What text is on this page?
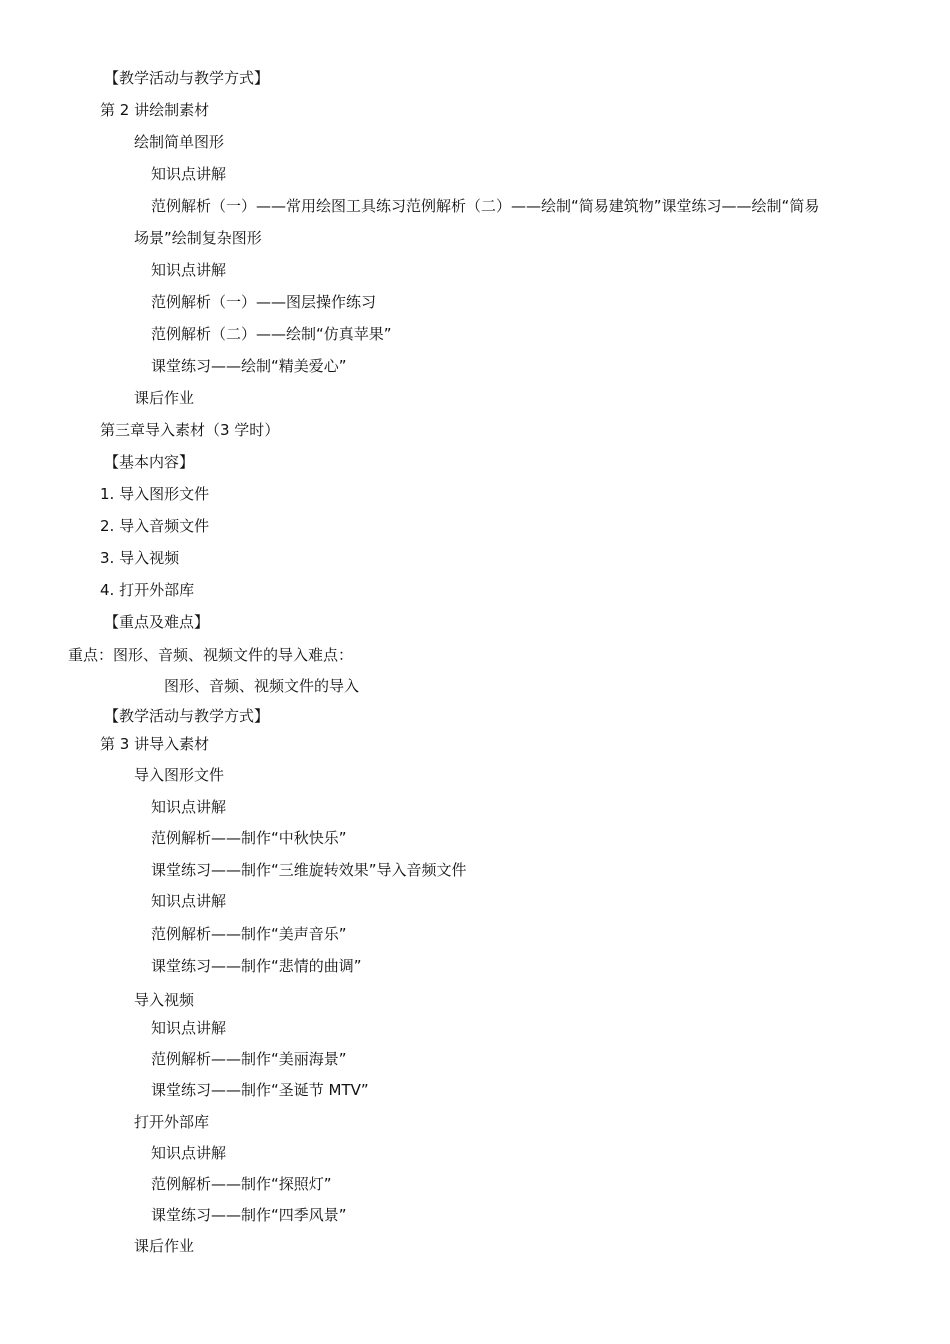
【教学活动与教学方式】
第 2 讲绘制素材
绘制简单图形
知识点讲解
范例解析（一）——常用绘图工具练习范例解析（二）——绘制“简易建筑物”课堂练习——绘制“简易
场景”绘制复杂图形
知识点讲解
范例解析（一）——图层操作练习
范例解析（二）——绘制“仿真苹果”
课堂练习——绘制“精美爱心”
课后作业
第三章导入素材（3 学时）
【基本内容】
1. 导入图形文件
2. 导入音频文件
3. 导入视频
4. 打开外部库
【重点及难点】
重点：图形、音频、视频文件的导入难点：
图形、音频、视频文件的导入
【教学活动与教学方式】
第 3 讲导入素材
导入图形文件
知识点讲解
范例解析——制作“中秋快乐”
课堂练习——制作“三维旋转效果”导入音频文件
知识点讲解
范例解析——制作“美声音乐”
课堂练习——制作“悲情的曲调”
导入视频
知识点讲解
范例解析——制作“美丽海景”
课堂练习——制作“圣诞节 MTV”
打开外部库
知识点讲解
范例解析——制作“探照灯”
课堂练习——制作“四季风景”
课后作业
